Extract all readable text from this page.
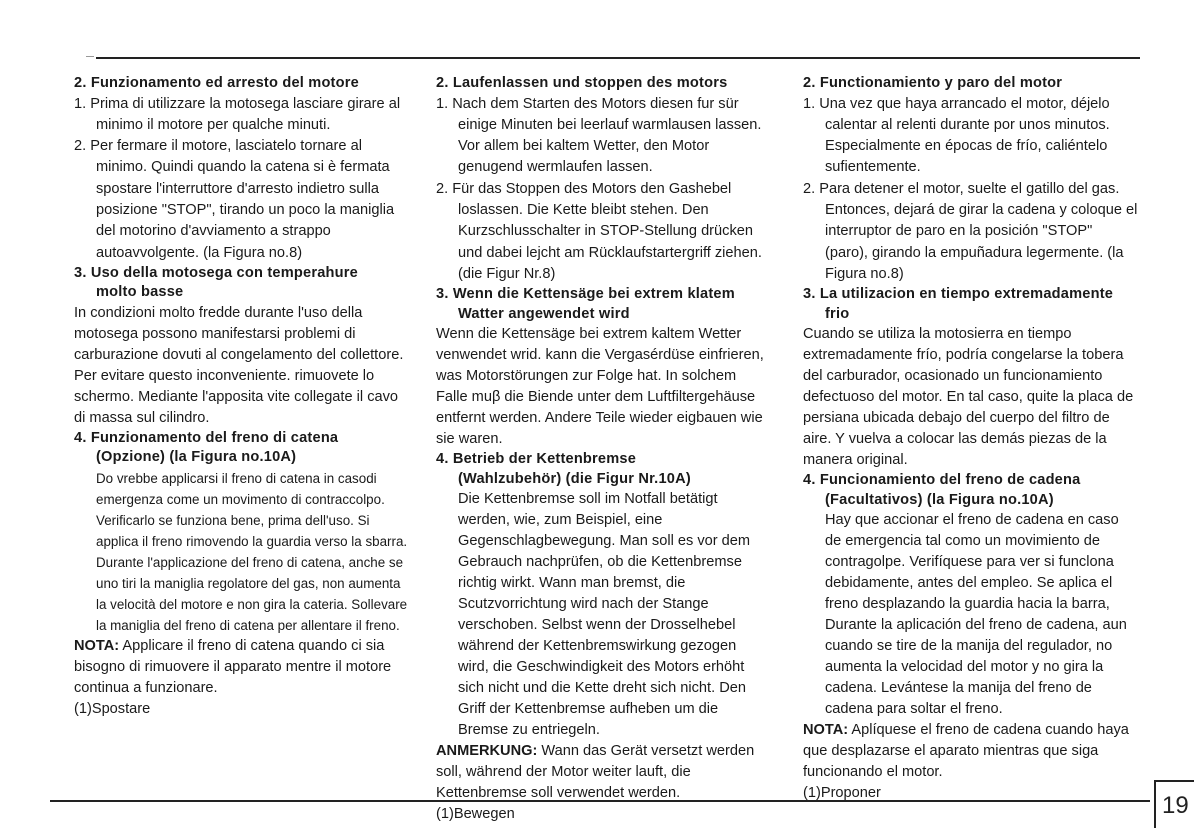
2. Funzionamento ed arresto del motore

1. Prima di utilizzare la motosega lasciare girare al minimo il motore per qualche minuti.

2. Per fermare il motore, lasciatelo tornare al minimo. Quindi quando la catena si è fermata spostare l'interruttore d'arresto indietro sulla posizione "STOP", tirando un poco la maniglia del motorino d'avviamento a strappo autoavvolgente. (la Figura no.8)

3. Uso della motosega con temperahure
molto basse

In condizioni molto fredde durante l'uso della motosega possono manifestarsi problemi di carburazione dovuti al congelamento del collettore. Per evitare questo inconveniente. rimuovete lo schermo. Mediante l'apposita vite collegate il cavo di massa sul cilindro.

4. Funzionamento del freno di catena
(Opzione) (la Figura no.10A)

Do vrebbe applicarsi il freno di catena in casodi emergenza come un movimento di contraccolpo. Verificarlo se funziona bene, prima dell'uso. Si applica il freno rimovendo la guardia verso la sbarra. Durante l'applicazione del freno di catena, anche se uno tiri la maniglia regolatore del gas, non aumenta la velocità del motore e non gira la cateria. Sollevare la maniglia del freno di catena per allentare il freno.

NOTA: Applicare il freno di catena quando ci sia bisogno di rimuovere il apparato mentre il motore continua a funzionare.

(1)Spostare

2. Laufenlassen und stoppen des motors

1. Nach dem Starten des Motors diesen fur sür einige Minuten bei leerlauf warmlausen lassen. Vor allem bei kaltem Wetter, den Motor genugend wermlaufen lassen.

2. Für das Stoppen des Motors den Gashebel loslassen. Die Kette bleibt stehen. Den Kurzschlusschalter in STOP-Stellung drücken und dabei lejcht am Rücklaufstartergriff ziehen. (die Figur Nr.8)

3. Wenn die Kettensäge bei extrem klatem
Watter angewendet wird

Wenn die Kettensäge bei extrem kaltem Wetter venwendet wrid. kann die Vergasérdüse einfrieren, was Motorstörungen zur Folge hat. In solchem Falle muβ die Biende unter dem Luftfiltergehäuse entfernt werden. Andere Teile wieder eigbauen wie sie waren.

4. Betrieb der Kettenbremse
(Wahlzubehör) (die Figur Nr.10A)

Die Kettenbremse soll im Notfall betätigt werden, wie, zum Beispiel, eine Gegenschlagbewegung. Man soll es vor dem Gebrauch nachprüfen, ob die Kettenbremse richtig wirkt. Wann man bremst, die Scutzvorrichtung wird nach der Stange verschoben. Selbst wenn der Drosselhebel während der Kettenbremswirkung gezogen wird, die Geschwindigkeit des Motors erhöht sich nicht und die Kette dreht sich nicht. Den Griff der Kettenbremse aufheben um die Bremse zu entriegeln.

ANMERKUNG: Wann das Gerät versetzt werden soll, während der Motor weiter lauft, die Kettenbremse soll verwendet werden.

(1)Bewegen

2. Functionamiento y paro del motor

1. Una vez que haya arrancado el motor, déjelo calentar al relenti durante por unos minutos. Especialmente en épocas de frío, caliéntelo sufientemente.

2. Para detener el motor, suelte el gatillo del gas. Entonces, dejará de girar la cadena y coloque el interruptor de paro en la posición "STOP" (paro), girando la empuñadura legermente. (la Figura no.8)

3. La utilizacion en tiempo extremadamente
frio

Cuando se utiliza la motosierra en tiempo extremadamente frío, podría congelarse la tobera del carburador, ocasionado un funcionamiento defectuoso del motor. En tal caso, quite la placa de persiana ubicada debajo del cuerpo del filtro de aire. Y vuelva a colocar las demás piezas de la manera original.

4. Funcionamiento del freno de cadena
(Facultativos) (la Figura no.10A)

Hay que accionar el freno de cadena en caso de emergencia tal como un movimiento de contragolpe. Verifíquese para ver si funclona debidamente, antes del empleo. Se aplica el freno desplazando la guardia hacia la barra, Durante la aplicación del freno de cadena, aun cuando se tire de la manija del regulador, no aumenta la velocidad del motor y no gira la cadena. Levántese la manija del freno de cadena para soltar el freno.

NOTA: Aplíquese el freno de cadena cuando haya que desplazarse el aparato mientras que siga funcionando el motor.

(1)Proponer	19
